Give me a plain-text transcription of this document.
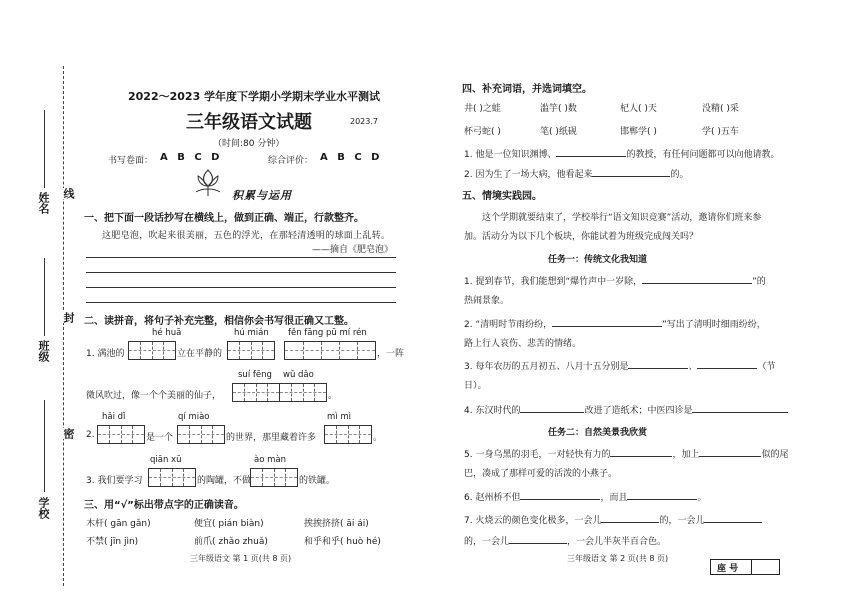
姓名 线
班级
封
学校
密
2022～2023 学年度下学期小学期末学业水平测试
三年级语文试题	2023.7
（时间:80 分钟）
书写卷面： A B C D	综合评价： A B C D
积累与运用
一、把下面一段话抄写在横线上，做到正确、端正，行款整齐。
这肥皂泡，吹起来很美丽，五色的浮光，在那轻清透明的球面上乱转。
——摘自《肥皂泡》
二、读拼音，将句子补充完整，相信你会书写很正确又工整。
hé huā	hú mián fěn fāng pū mí rén
1. 满池的	立在平静的	，一阵
suí fēng wǔ dǎo
微风吹过，像一个个美丽的仙子，	。
hǎi dǐ	qí miào	mì mì
2.	是一个	的世界，那里藏着许多	。
qiān xū	ào màn
3. 我们要学习	的陶罐，不做	的铁罐。
三、用“√”标出带点字的正确读音。
木杆( gān gǎn)	便宜( pián biàn)	挨挨挤挤( āi ái)
不禁( jīn jìn)	前爪( zhǎo zhuǎ)	和乎和乎( huò hé)
三年级语文 第 1 页(共 8 页)
四、补充词语，并选词填空。
井( )之蛙	滥竽( )数	杞人( )天	没精( )采
杯弓蛇( )	笔( )纸砚	邯郸学( )	学( )五车
1. 他是一位知识渊博、	的教授，有任何问题都可以向他请教。
2. 因为生了一场大病，他看起来	的。
五、情境实践园。
这个学期就要结束了，学校举行“语文知识竞赛”活动，邀请你们班来参
加。活动分为以下几个板块，你能试着为班级完成闯关吗？
任务一：传统文化我知道
1. 提到春节，我们能想到“爆竹声中一岁除，	”的
热闹景象。
2. “清明时节雨纷纷，	”写出了清明时细雨纷纷，
路上行人哀伤、悲苦的情绪。
3. 每年农历的五月初五、八月十五分别是	、	（节
日）。
4. 东汉时代的	改进了造纸术；中医四诊是
任务二：自然美景我欣赏
5. 一身乌黑的羽毛，一对轻快有力的	，加上	似的尾
巴，凑成了那样可爱的活泼的小燕子。
6. 赵州桥不但	，而且	。
7. 火烧云的颜色变化极多，一会儿	的，一会儿
的，一会儿	，一会儿半灰半百合色。
三年级语文 第 2 页(共 8 页)
座 号
